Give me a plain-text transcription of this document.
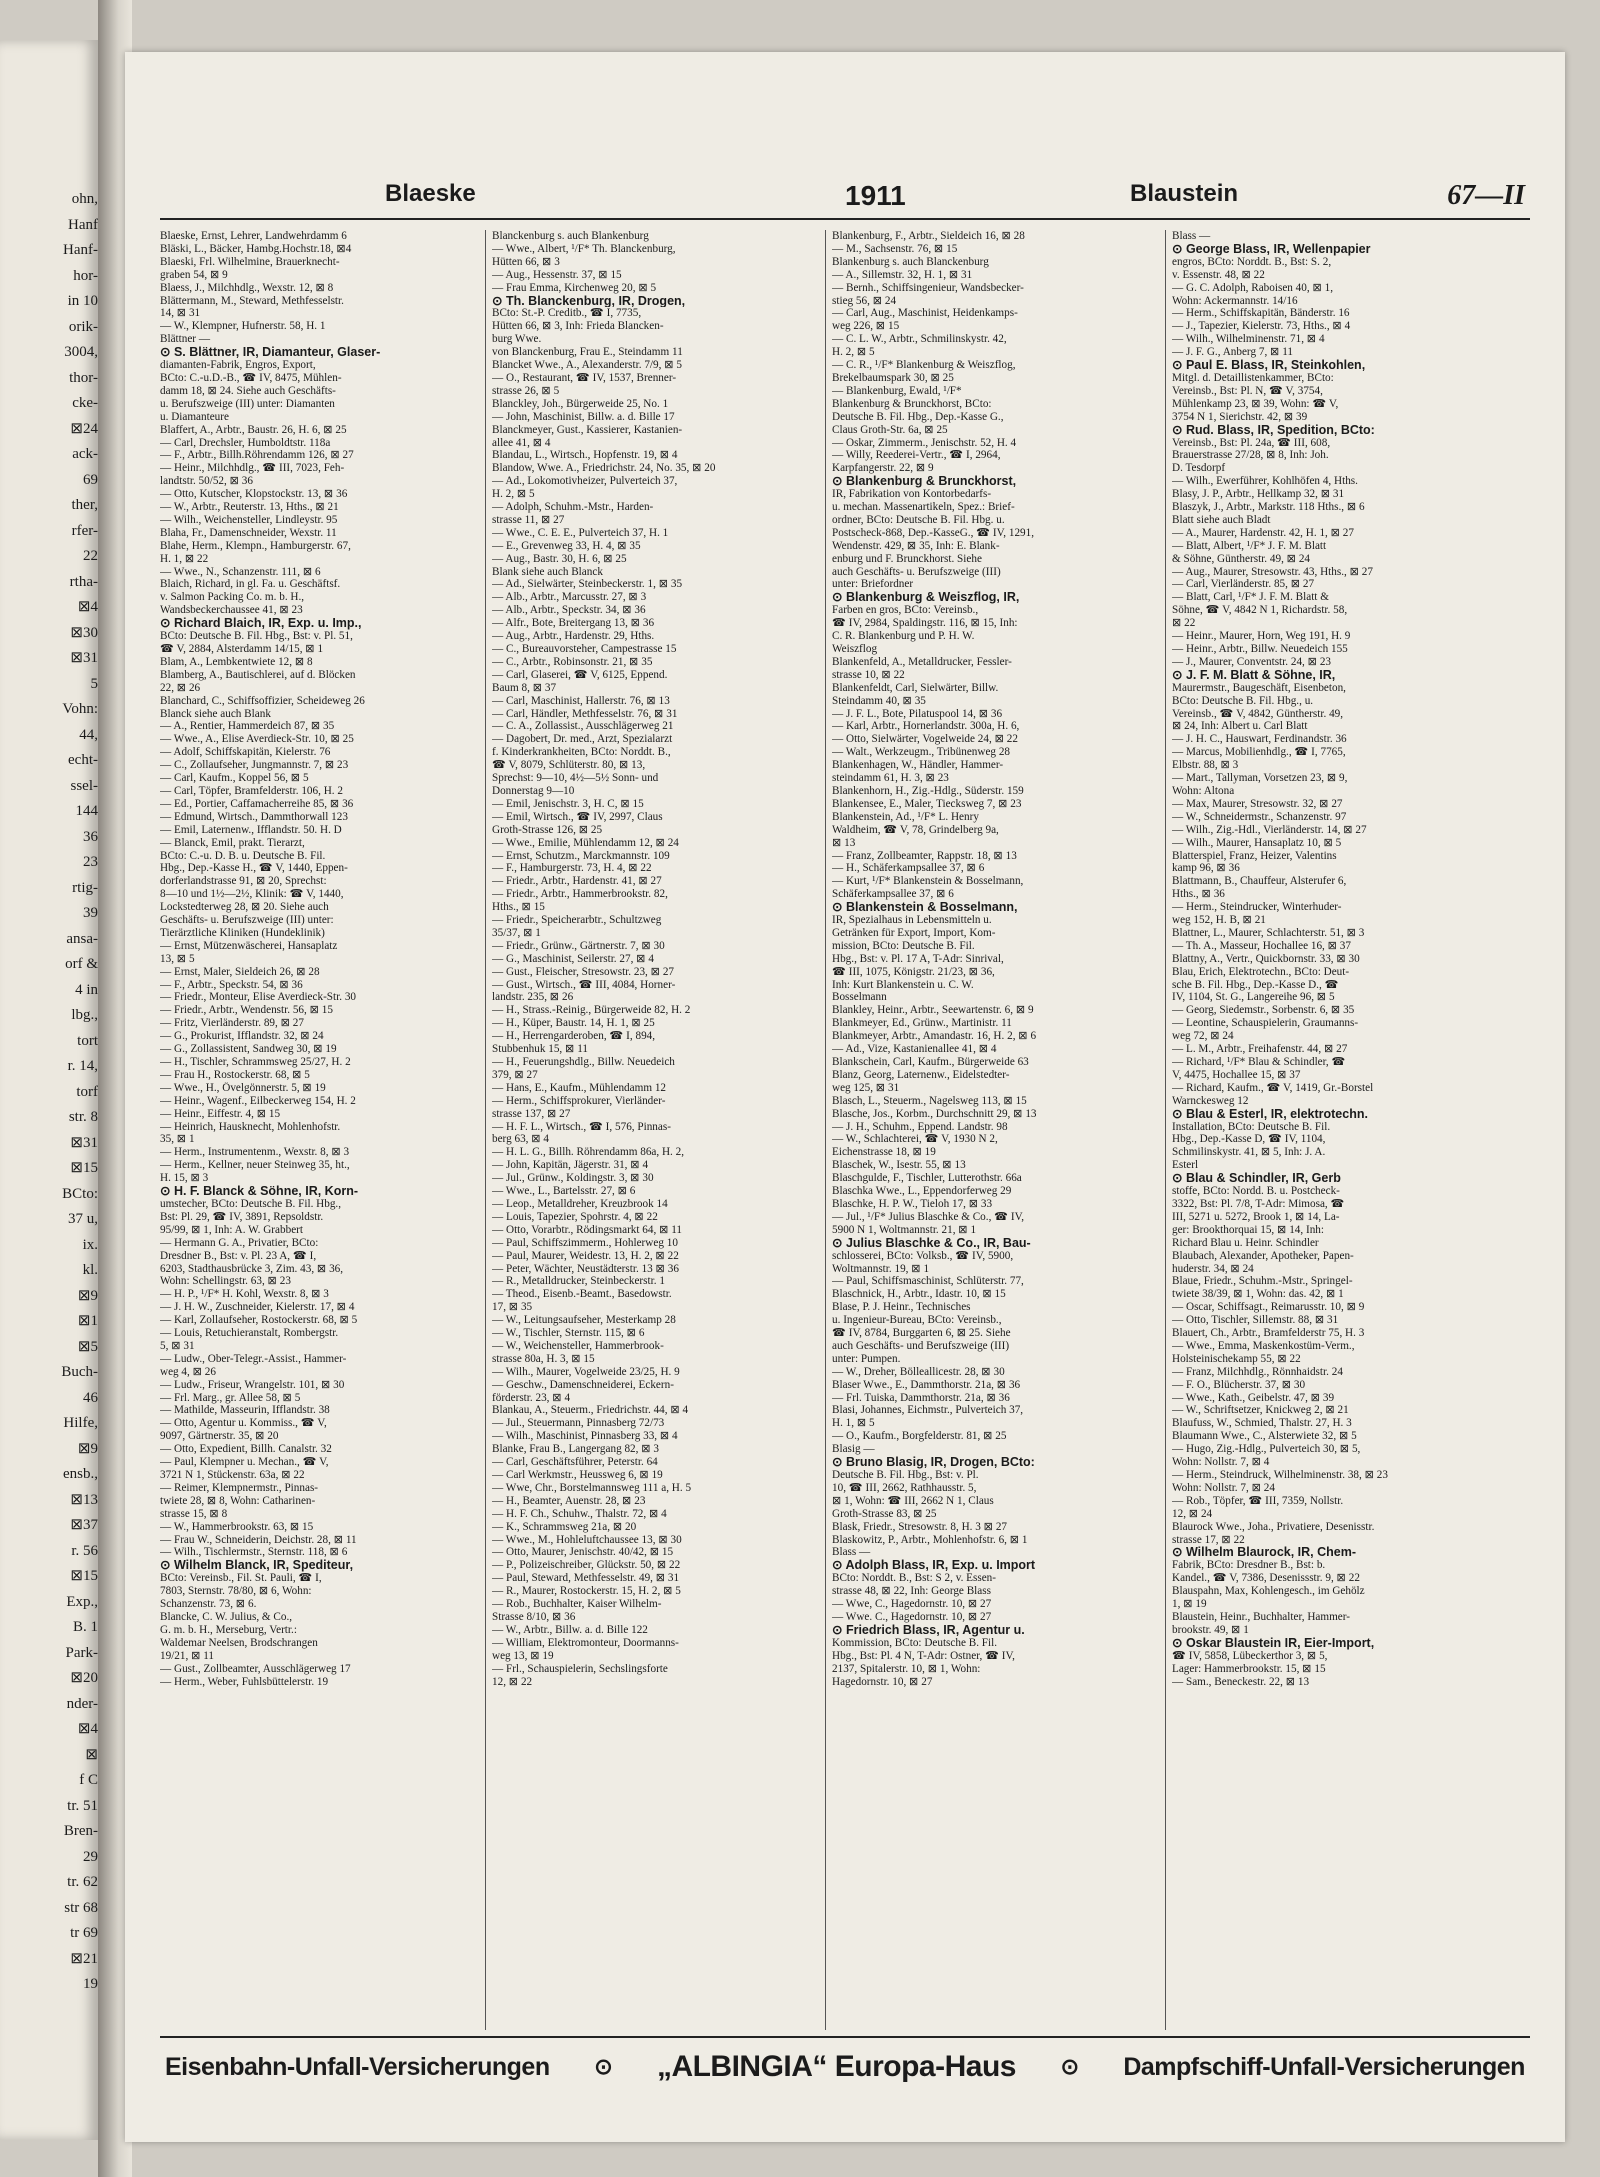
ohn,
Hanf
Hanf-
hor-
in 10
orik-
3004,
thor-
cke-
⊠24
ack-
69
ther,
rfer-
22
rtha-
⊠4
⊠30
⊠31
5
Vohn:
44,
echt-
ssel-
144
36
23
rtig-
39
ansa-
orf &
4 in
lbg.,
tort
r. 14,
torf
str. 8
⊠31
⊠15
BCto:
37 u,
ix.
kl.
⊠9
⊠1
⊠5
Buch-
46
Hilfe,
⊠9
ensb.,
⊠13
⊠37
r. 56
⊠15
Exp.,
B. 1
Park-
⊠20
nder-
⊠4
⊠
f C
tr. 51
Bren-
29
tr. 62
str 68
tr 69
⊠21
19
Blaeske	1911	Blaustein	67—II
Blaeske, Ernst, Lehrer, Landwehrdamm 6
Bläski, L., Bäcker, Hambg.Hochstr.18, ⊠4
Blaeski, Frl. Wilhelmine, Brauerknecht-
graben 54, ⊠ 9
Blaess, J., Milchhdlg., Wexstr. 12, ⊠ 8
Blättermann, M., Steward, Methfesselstr.
14, ⊠ 31
— W., Klempner, Hufnerstr. 58, H. 1
Blättner —
⊙ S. Blättner, IR, Diamanteur, Glaser-
diamanten-Fabrik, Engros, Export,
BCto: C.-u.D.-B., ☎ IV, 8475, Mühlen-
damm 18, ⊠ 24. Siehe auch Geschäfts-
u. Berufszweige (III) unter: Diamanten
u. Diamanteure
Blaffert, A., Arbtr., Baustr. 26, H. 6, ⊠ 25
— Carl, Drechsler, Humboldtstr. 118a
— F., Arbtr., Billh.Röhrendamm 126, ⊠ 27
— Heinr., Milchhdlg., ☎ III, 7023, Feh-
landtstr. 50/52, ⊠ 36
— Otto, Kutscher, Klopstockstr. 13, ⊠ 36
— W., Arbtr., Reuterstr. 13, Hths., ⊠ 21
— Wilh., Weichensteller, Lindleystr. 95
Blaha, Fr., Damenschneider, Wexstr. 11
Blahe, Herm., Klempn., Hamburgerstr. 67,
H. 1, ⊠ 22
— Wwe., N., Schanzenstr. 111, ⊠ 6
Blaich, Richard, in gl. Fa. u. Geschäftsf.
v. Salmon Packing Co. m. b. H.,
Wandsbeckerchaussee 41, ⊠ 23
⊙ Richard Blaich, IR, Exp. u. Imp.,
BCto: Deutsche B. Fil. Hbg., Bst: v. Pl. 51,
☎ V, 2884, Alsterdamm 14/15, ⊠ 1
Blam, A., Lembkentwiete 12, ⊠ 8
Blamberg, A., Bautischlerei, auf d. Blöcken
22, ⊠ 26
Blanchard, C., Schiffsoffizier, Scheideweg 26
Blanck siehe auch Blank
— A., Rentier, Hammerdeich 87, ⊠ 35
— Wwe., A., Elise Averdieck-Str. 10, ⊠ 25
— Adolf, Schiffskapitän, Kielerstr. 76
— C., Zollaufseher, Jungmannstr. 7, ⊠ 23
— Carl, Kaufm., Koppel 56, ⊠ 5
— Carl, Töpfer, Bramfelderstr. 106, H. 2
— Ed., Portier, Caffamacherreihe 85, ⊠ 36
— Edmund, Wirtsch., Dammthorwall 123
— Emil, Laternenw., Ifflandstr. 50. H. D
— Blanck, Emil, prakt. Tierarzt,
BCto: C.-u. D. B. u. Deutsche B. Fil.
Hbg., Dep.-Kasse H., ☎ V, 1440, Eppen-
dorferlandstrasse 91, ⊠ 20, Sprechst:
8—10 und 1½—2½, Klinik: ☎ V, 1440,
Lockstedterweg 28, ⊠ 20. Siehe auch
Geschäfts- u. Berufszweige (III) unter:
Tierärztliche Kliniken (Hundeklinik)
— Ernst, Mützenwäscherei, Hansaplatz
13, ⊠ 5
— Ernst, Maler, Sieldeich 26, ⊠ 28
— F., Arbtr., Speckstr. 54, ⊠ 36
— Friedr., Monteur, Elise Averdieck-Str. 30
— Friedr., Arbtr., Wendenstr. 56, ⊠ 15
— Fritz, Vierländerstr. 89, ⊠ 27
— G., Prokurist, Ifflandstr. 32, ⊠ 24
— G., Zollassistent, Sandweg 30, ⊠ 19
— H., Tischler, Schrammsweg 25/27, H. 2
— Frau H., Rostockerstr. 68, ⊠ 5
— Wwe., H., Övelgönnerstr. 5, ⊠ 19
— Heinr., Wagenf., Eilbeckerweg 154, H. 2
— Heinr., Eiffestr. 4, ⊠ 15
— Heinrich, Hausknecht, Mohlenhofstr.
35, ⊠ 1
— Herm., Instrumentenm., Wexstr. 8, ⊠ 3
— Herm., Kellner, neuer Steinweg 35, ht.,
H. 15, ⊠ 3
⊙ H. F. Blanck & Söhne, IR, Korn-
umstecher, BCto: Deutsche B. Fil. Hbg.,
Bst: Pl. 29, ☎ IV, 3891, Repsoldstr.
95/99, ⊠ 1, Inh: A. W. Grabbert
— Hermann G. A., Privatier, BCto:
Dresdner B., Bst: v. Pl. 23 A, ☎ I,
6203, Stadthausbrücke 3, Zim. 43, ⊠ 36,
Wohn: Schellingstr. 63, ⊠ 23
— H. P., ¹/F* H. Kohl, Wexstr. 8, ⊠ 3
— J. H. W., Zuschneider, Kielerstr. 17, ⊠ 4
— Karl, Zollaufseher, Rostockerstr. 68, ⊠ 5
— Louis, Retuchieranstalt, Rombergstr.
5, ⊠ 31
— Ludw., Ober-Telegr.-Assist., Hammer-
weg 4, ⊠ 26
— Ludw., Friseur, Wrangelstr. 101, ⊠ 30
— Frl. Marg., gr. Allee 58, ⊠ 5
— Mathilde, Masseurin, Ifflandstr. 38
— Otto, Agentur u. Kommiss., ☎ V,
9097, Gärtnerstr. 35, ⊠ 20
— Otto, Expedient, Billh. Canalstr. 32
— Paul, Klempner u. Mechan., ☎ V,
3721 N 1, Stückenstr. 63a, ⊠ 22
— Reimer, Klempnermstr., Pinnas-
twiete 28, ⊠ 8, Wohn: Catharinen-
strasse 15, ⊠ 8
— W., Hammerbrookstr. 63, ⊠ 15
— Frau W., Schneiderin, Deichstr. 28, ⊠ 11
— Wilh., Tischlermstr., Sternstr. 118, ⊠ 6
⊙ Wilhelm Blanck, IR, Spediteur,
BCto: Vereinsb., Fil. St. Pauli, ☎ I,
7803, Sternstr. 78/80, ⊠ 6, Wohn:
Schanzenstr. 73, ⊠ 6.
Blancke, C. W. Julius, & Co.,
G. m. b. H., Merseburg, Vertr.:
Waldemar Neelsen, Brodschrangen
19/21, ⊠ 11
— Gust., Zollbeamter, Ausschlägerweg 17
— Herm., Weber, Fuhlsbüttelerstr. 19
Blanckenburg s. auch Blankenburg
— Wwe., Albert, ¹/F* Th. Blanckenburg,
Hütten 66, ⊠ 3
— Aug., Hessenstr. 37, ⊠ 15
— Frau Emma, Kirchenweg 20, ⊠ 5
⊙ Th. Blanckenburg, IR, Drogen,
BCto: St.-P. Creditb., ☎ I, 7735,
Hütten 66, ⊠ 3, Inh: Frieda Blancken-
burg Wwe.
von Blanckenburg, Frau E., Steindamm 11
Blancket Wwe., A., Alexanderstr. 7/9, ⊠ 5
— O., Restaurant, ☎ IV, 1537, Brenner-
strasse 26, ⊠ 5
Blanckley, Joh., Bürgerweide 25, No. 1
— John, Maschinist, Billw. a. d. Bille 17
Blanckmeyer, Gust., Kassierer, Kastanien-
allee 41, ⊠ 4
Blandau, L., Wirtsch., Hopfenstr. 19, ⊠ 4
Blandow, Wwe. A., Friedrichstr. 24, No. 35, ⊠ 20
— Ad., Lokomotivheizer, Pulverteich 37,
H. 2, ⊠ 5
— Adolph, Schuhm.-Mstr., Harden-
strasse 11, ⊠ 27
— Wwe., C. E. E., Pulverteich 37, H. 1
— E., Grevenweg 33, H. 4, ⊠ 35
— Aug., Bastr. 30, H. 6, ⊠ 25
Blank siehe auch Blanck
— Ad., Sielwärter, Steinbeckerstr. 1, ⊠ 35
— Alb., Arbtr., Marcusstr. 27, ⊠ 3
— Alb., Arbtr., Speckstr. 34, ⊠ 36
— Alfr., Bote, Breitergang 13, ⊠ 36
— Aug., Arbtr., Hardenstr. 29, Hths.
— C., Bureauvorsteher, Campestrasse 15
— C., Arbtr., Robinsonstr. 21, ⊠ 35
— Carl, Glaserei, ☎ V, 6125, Eppend.
Baum 8, ⊠ 37
— Carl, Maschinist, Hallerstr. 76, ⊠ 13
— Carl, Händler, Methfesselstr. 76, ⊠ 31
— C. A., Zollassist., Ausschlägerweg 21
— Dagobert, Dr. med., Arzt, Spezialarzt
f. Kinderkrankheiten, BCto: Norddt. B.,
☎ V, 8079, Schlüterstr. 80, ⊠ 13,
Sprechst: 9—10, 4½—5½ Sonn- und
Donnerstag 9—10
— Emil, Jenischstr. 3, H. C, ⊠ 15
— Emil, Wirtsch., ☎ IV, 2997, Claus
Groth-Strasse 126, ⊠ 25
— Wwe., Emilie, Mühlendamm 12, ⊠ 24
— Ernst, Schutzm., Marckmannstr. 109
— F., Hamburgerstr. 73, H. 4, ⊠ 22
— Friedr., Arbtr., Hardenstr. 41, ⊠ 27
— Friedr., Arbtr., Hammerbrookstr. 82,
Hths., ⊠ 15
— Friedr., Speicherarbtr., Schultzweg
35/37, ⊠ 1
— Friedr., Grünw., Gärtnerstr. 7, ⊠ 30
— G., Maschinist, Seilerstr. 27, ⊠ 4
— Gust., Fleischer, Stresowstr. 23, ⊠ 27
— Gust., Wirtsch., ☎ III, 4084, Horner-
landstr. 235, ⊠ 26
— H., Strass.-Reinig., Bürgerweide 82, H. 2
— H., Küper, Baustr. 14, H. 1, ⊠ 25
— H., Herrengarderoben, ☎ I, 894,
Stubbenhuk 15, ⊠ 11
— H., Feuerungshdlg., Billw. Neuedeich
379, ⊠ 27
— Hans, E., Kaufm., Mühlendamm 12
— Herm., Schiffsprokurer, Vierländer-
strasse 137, ⊠ 27
— H. F. L., Wirtsch., ☎ I, 576, Pinnas-
berg 63, ⊠ 4
— H. L. G., Billh. Röhrendamm 86a, H. 2,
— John, Kapitän, Jägerstr. 31, ⊠ 4
— Jul., Grünw., Koldingstr. 3, ⊠ 30
— Wwe., L., Bartelsstr. 27, ⊠ 6
— Leop., Metalldreher, Kreuzbrook 14
— Louis, Tapezier, Spohrstr. 4, ⊠ 22
— Otto, Vorarbtr., Rödingsmarkt 64, ⊠ 11
— Paul, Schiffszimmerm., Hohlerweg 10
— Paul, Maurer, Weidestr. 13, H. 2, ⊠ 22
— Peter, Wächter, Neustädterstr. 13 ⊠ 36
— R., Metalldrucker, Steinbeckerstr. 1
— Theod., Eisenb.-Beamt., Basedowstr.
17, ⊠ 35
— W., Leitungsaufseher, Mesterkamp 28
— W., Tischler, Sternstr. 115, ⊠ 6
— W., Weichensteller, Hammerbrook-
strasse 80a, H. 3, ⊠ 15
— Wilh., Maurer, Vogelweide 23/25, H. 9
— Geschw., Damenschneiderei, Eckern-
förderstr. 23, ⊠ 4
Blankau, A., Steuerm., Friedrichstr. 44, ⊠ 4
— Jul., Steuermann, Pinnasberg 72/73
— Wilh., Maschinist, Pinnasberg 33, ⊠ 4
Blanke, Frau B., Langergang 82, ⊠ 3
— Carl, Geschäftsführer, Peterstr. 64
— Carl Werkmstr., Heussweg 6, ⊠ 19
— Wwe, Chr., Borstelmannsweg 111 a, H. 5
— H., Beamter, Auenstr. 28, ⊠ 23
— H. F. Ch., Schuhw., Thalstr. 72, ⊠ 4
— K., Schrammsweg 21a, ⊠ 20
— Wwe., M., Hohleluftchaussee 13, ⊠ 30
— Otto, Maurer, Jenischstr. 40/42, ⊠ 15
— P., Polizeischreiber, Glückstr. 50, ⊠ 22
— Paul, Steward, Methfesselstr. 49, ⊠ 31
— R., Maurer, Rostockerstr. 15, H. 2, ⊠ 5
— Rob., Buchhalter, Kaiser Wilhelm-
Strasse 8/10, ⊠ 36
— W., Arbtr., Billw. a. d. Bille 122
— William, Elektromonteur, Doormanns-
weg 13, ⊠ 19
— Frl., Schauspielerin, Sechslingsforte
12, ⊠ 22
Blankenburg, F., Arbtr., Sieldeich 16, ⊠ 28
— M., Sachsenstr. 76, ⊠ 15
Blankenburg s. auch Blanckenburg
— A., Sillemstr. 32, H. 1, ⊠ 31
— Bernh., Schiffsingenieur, Wandsbecker-
stieg 56, ⊠ 24
— Carl, Aug., Maschinist, Heidenkamps-
weg 226, ⊠ 15
— C. L. W., Arbtr., Schmilinskystr. 42,
H. 2, ⊠ 5
— C. R., ¹/F* Blankenburg & Weiszflog,
Brekelbaumspark 30, ⊠ 25
— Blankenburg, Ewald, ¹/F*
Blankenburg & Brunckhorst, BCto:
Deutsche B. Fil. Hbg., Dep.-Kasse G.,
Claus Groth-Str. 6a, ⊠ 25
— Oskar, Zimmerm., Jenischstr. 52, H. 4
— Willy, Reederei-Vertr., ☎ I, 2964,
Karpfangerstr. 22, ⊠ 9
⊙ Blankenburg & Brunckhorst,
IR, Fabrikation von Kontorbedarfs-
u. mechan. Massenartikeln, Spez.: Brief-
ordner, BCto: Deutsche B. Fil. Hbg. u.
Postscheck-868, Dep.-KasseG., ☎ IV, 1291,
Wendenstr. 429, ⊠ 35, Inh: E. Blank-
enburg und F. Brunckhorst. Siehe
auch Geschäfts- u. Berufszweige (III)
unter: Briefordner
⊙ Blankenburg & Weiszflog, IR,
Farben en gros, BCto: Vereinsb.,
☎ IV, 2984, Spaldingstr. 116, ⊠ 15, Inh:
C. R. Blankenburg und P. H. W.
Weiszflog
Blankenfeld, A., Metalldrucker, Fessler-
strasse 10, ⊠ 22
Blankenfeldt, Carl, Sielwärter, Billw.
Steindamm 40, ⊠ 35
— J. F. L., Bote, Pilatuspool 14, ⊠ 36
— Karl, Arbtr., Hornerlandstr. 300a, H. 6,
— Otto, Sielwärter, Vogelweide 24, ⊠ 22
— Walt., Werkzeugm., Tribünenweg 28
Blankenhagen, W., Händler, Hammer-
steindamm 61, H. 3, ⊠ 23
Blankenhorn, H., Zig.-Hdlg., Süderstr. 159
Blankensee, E., Maler, Tiecksweg 7, ⊠ 23
Blankenstein, Ad., ¹/F* L. Henry
Waldheim, ☎ V, 78, Grindelberg 9a,
⊠ 13
— Franz, Zollbeamter, Rappstr. 18, ⊠ 13
— H., Schäferkampsallee 37, ⊠ 6
— Kurt, ¹/F* Blankenstein & Bosselmann,
Schäferkampsallee 37, ⊠ 6
⊙ Blankenstein & Bosselmann,
IR, Spezialhaus in Lebensmitteln u.
Getränken für Export, Import, Kom-
mission, BCto: Deutsche B. Fil.
Hbg., Bst: v. Pl. 17 A, T-Adr: Sinrival,
☎ III, 1075, Königstr. 21/23, ⊠ 36,
Inh: Kurt Blankenstein u. C. W.
Bosselmann
Blankley, Heinr., Arbtr., Seewartenstr. 6, ⊠ 9
Blankmeyer, Ed., Grünw., Martinistr. 11
Blankmeyer, Arbtr., Amandastr. 16, H. 2, ⊠ 6
— Ad., Vize, Kastanienallee 41, ⊠ 4
Blankschein, Carl, Kaufm., Bürgerweide 63
Blanz, Georg, Laternenw., Eidelstedter-
weg 125, ⊠ 31
Blasch, L., Steuerm., Nagelsweg 113, ⊠ 15
Blasche, Jos., Korbm., Durchschnitt 29, ⊠ 13
— J. H., Schuhm., Eppend. Landstr. 98
— W., Schlachterei, ☎ V, 1930 N 2,
Eichenstrasse 18, ⊠ 19
Blaschek, W., Isestr. 55, ⊠ 13
Blaschgulde, F., Tischler, Lutterothstr. 66a
Blaschka Wwe., L., Eppendorferweg 29
Blaschke, H. P. W., Tieloh 17, ⊠ 33
— Jul., ¹/F* Julius Blaschke & Co., ☎ IV,
5900 N 1, Woltmannstr. 21, ⊠ 1
⊙ Julius Blaschke & Co., IR, Bau-
schlosserei, BCto: Volksb., ☎ IV, 5900,
Woltmannstr. 19, ⊠ 1
— Paul, Schiffsmaschinist, Schlüterstr. 77,
Blaschnick, H., Arbtr., Idastr. 10, ⊠ 15
Blase, P. J. Heinr., Technisches
u. Ingenieur-Bureau, BCto: Vereinsb.,
☎ IV, 8784, Burggarten 6, ⊠ 25. Siehe
auch Geschäfts- und Berufszweige (III)
unter: Pumpen.
— W., Dreher, Bölleallicestr. 28, ⊠ 30
Blaser Wwe., E., Dammthorstr. 21a, ⊠ 36
— Frl. Tuiska, Dammthorstr. 21a, ⊠ 36
Blasi, Johannes, Eichmstr., Pulverteich 37,
H. 1, ⊠ 5
— O., Kaufm., Borgfelderstr. 81, ⊠ 25
Blasig —
⊙ Bruno Blasig, IR, Drogen, BCto:
Deutsche B. Fil. Hbg., Bst: v. Pl.
10, ☎ III, 2662, Rathhausstr. 5,
⊠ 1, Wohn: ☎ III, 2662 N 1, Claus
Groth-Strasse 83, ⊠ 25
Blask, Friedr., Stresowstr. 8, H. 3 ⊠ 27
Blaskowitz, P., Arbtr., Mohlenhofstr. 6, ⊠ 1
Blass —
⊙ Adolph Blass, IR, Exp. u. Import
BCto: Norddt. B., Bst: S 2, v. Essen-
strasse 48, ⊠ 22, Inh: George Blass
— Wwe, C., Hagedornstr. 10, ⊠ 27
— Wwe. C., Hagedornstr. 10, ⊠ 27
⊙ Friedrich Blass, IR, Agentur u.
Kommission, BCto: Deutsche B. Fil.
Hbg., Bst: Pl. 4 N, T-Adr: Ostner, ☎ IV,
2137, Spitalerstr. 10, ⊠ 1, Wohn:
Hagedornstr. 10, ⊠ 27
Blass —
⊙ George Blass, IR, Wellenpapier
engros, BCto: Norddt. B., Bst: S. 2,
v. Essenstr. 48, ⊠ 22
— G. C. Adolph, Raboisen 40, ⊠ 1,
Wohn: Ackermannstr. 14/16
— Herm., Schiffskapitän, Bänderstr. 16
— J., Tapezier, Kielerstr. 73, Hths., ⊠ 4
— Wilh., Wilhelminenstr. 71, ⊠ 4
— J. F. G., Anberg 7, ⊠ 11
⊙ Paul E. Blass, IR, Steinkohlen,
Mitgl. d. Detaillistenkammer, BCto:
Vereinsb., Bst: Pl. N, ☎ V, 3754,
Mühlenkamp 23, ⊠ 39, Wohn: ☎ V,
3754 N 1, Sierichstr. 42, ⊠ 39
⊙ Rud. Blass, IR, Spedition, BCto:
Vereinsb., Bst: Pl. 24a, ☎ III, 608,
Brauerstrasse 27/28, ⊠ 8, Inh: Joh.
D. Tesdorpf
— Wilh., Ewerführer, Kohlhöfen 4, Hths.
Blasy, J. P., Arbtr., Hellkamp 32, ⊠ 31
Blaszyk, J., Arbtr., Markstr. 118 Hths., ⊠ 6
Blatt siehe auch Bladt
— A., Maurer, Hardenstr. 42, H. 1, ⊠ 27
— Blatt, Albert, ¹/F* J. F. M. Blatt
& Söhne, Güntherstr. 49, ⊠ 24
— Aug., Maurer, Stresowstr. 43, Hths., ⊠ 27
— Carl, Vierländerstr. 85, ⊠ 27
— Blatt, Carl, ¹/F* J. F. M. Blatt &
Söhne, ☎ V, 4842 N 1, Richardstr. 58,
⊠ 22
— Heinr., Maurer, Horn, Weg 191, H. 9
— Heinr., Arbtr., Billw. Neuedeich 155
— J., Maurer, Conventstr. 24, ⊠ 23
⊙ J. F. M. Blatt & Söhne, IR,
Maurermstr., Baugeschäft, Eisenbeton,
BCto: Deutsche B. Fil. Hbg., u.
Vereinsb., ☎ V, 4842, Güntherstr. 49,
⊠ 24, Inh: Albert u. Carl Blatt
— J. H. C., Hauswart, Ferdinandstr. 36
— Marcus, Mobilienhdlg., ☎ I, 7765,
Elbstr. 88, ⊠ 3
— Mart., Tallyman, Vorsetzen 23, ⊠ 9,
Wohn: Altona
— Max, Maurer, Stresowstr. 32, ⊠ 27
— W., Schneidermstr., Schanzenstr. 97
— Wilh., Zig.-Hdl., Vierländerstr. 14, ⊠ 27
— Wilh., Maurer, Hansaplatz 10, ⊠ 5
Blatterspiel, Franz, Heizer, Valentins
kamp 96, ⊠ 36
Blattmann, B., Chauffeur, Alsterufer 6,
Hths., ⊠ 36
— Herm., Steindrucker, Winterhuder-
weg 152, H. B, ⊠ 21
Blattner, L., Maurer, Schlachterstr. 51, ⊠ 3
— Th. A., Masseur, Hochallee 16, ⊠ 37
Blattny, A., Vertr., Quickbornstr. 33, ⊠ 30
Blau, Erich, Elektrotechn., BCto: Deut-
sche B. Fil. Hbg., Dep.-Kasse D., ☎
IV, 1104, St. G., Langereihe 96, ⊠ 5
— Georg, Siedemstr., Sorbenstr. 6, ⊠ 35
— Leontine, Schauspielerin, Graumanns-
weg 72, ⊠ 24
— L. M., Arbtr., Freihafenstr. 44, ⊠ 27
— Richard, ¹/F* Blau & Schindler, ☎
V, 4475, Hochallee 15, ⊠ 37
— Richard, Kaufm., ☎ V, 1419, Gr.-Borstel
Warnckesweg 12
⊙ Blau & Esterl, IR, elektrotechn.
Installation, BCto: Deutsche B. Fil.
Hbg., Dep.-Kasse D, ☎ IV, 1104,
Schmilinskystr. 41, ⊠ 5, Inh: J. A.
Esterl
⊙ Blau & Schindler, IR, Gerb
stoffe, BCto: Nordd. B. u. Postcheck-
3322, Bst: Pl. 7/8, T-Adr: Mimosa, ☎
III, 5271 u. 5272, Brook 1, ⊠ 14, La-
ger: Brookthorquai 15, ⊠ 14, Inh:
Richard Blau u. Heinr. Schindler
Blaubach, Alexander, Apotheker, Papen-
huderstr. 34, ⊠ 24
Blaue, Friedr., Schuhm.-Mstr., Springel-
twiete 38/39, ⊠ 1, Wohn: das. 42, ⊠ 1
— Oscar, Schiffsagt., Reimarusstr. 10, ⊠ 9
— Otto, Tischler, Sillemstr. 88, ⊠ 31
Blauert, Ch., Arbtr., Bramfelderstr 75, H. 3
— Wwe., Emma, Maskenkostüm-Verm.,
Holsteinischekamp 55, ⊠ 22
— Franz, Milchhdlg., Rönnhaidstr. 24
— F. O., Blücherstr. 37, ⊠ 30
— Wwe., Kath., Geibelstr. 47, ⊠ 39
— W., Schriftsetzer, Knickweg 2, ⊠ 21
Blaufuss, W., Schmied, Thalstr. 27, H. 3
Blaumann Wwe., C., Alsterwiete 32, ⊠ 5
— Hugo, Zig.-Hdlg., Pulverteich 30, ⊠ 5,
Wohn: Nollstr. 7, ⊠ 4
— Herm., Steindruck, Wilhelminenstr. 38, ⊠ 23
Wohn: Nollstr. 7, ⊠ 24
— Rob., Töpfer, ☎ III, 7359, Nollstr.
12, ⊠ 24
Blaurock Wwe., Joha., Privatiere, Desenisstr.
strasse 17, ⊠ 22
⊙ Wilhelm Blaurock, IR, Chem-
Fabrik, BCto: Dresdner B., Bst: b.
Kandel., ☎ V, 7386, Desenissstr. 9, ⊠ 22
Blauspahn, Max, Kohlengesch., im Gehölz
1, ⊠ 19
Blaustein, Heinr., Buchhalter, Hammer-
brookstr. 49, ⊠ 1
⊙ Oskar Blaustein IR, Eier-Import,
☎ IV, 5858, Lübeckerthor 3, ⊠ 5,
Lager: Hammerbrookstr. 15, ⊠ 15
— Sam., Beneckestr. 22, ⊠ 13
Eisenbahn-Unfall-Versicherungen ⊙ „ALBINGIA“ Europa-Haus ⊙ Dampfschiff-Unfall-Versicherungen
